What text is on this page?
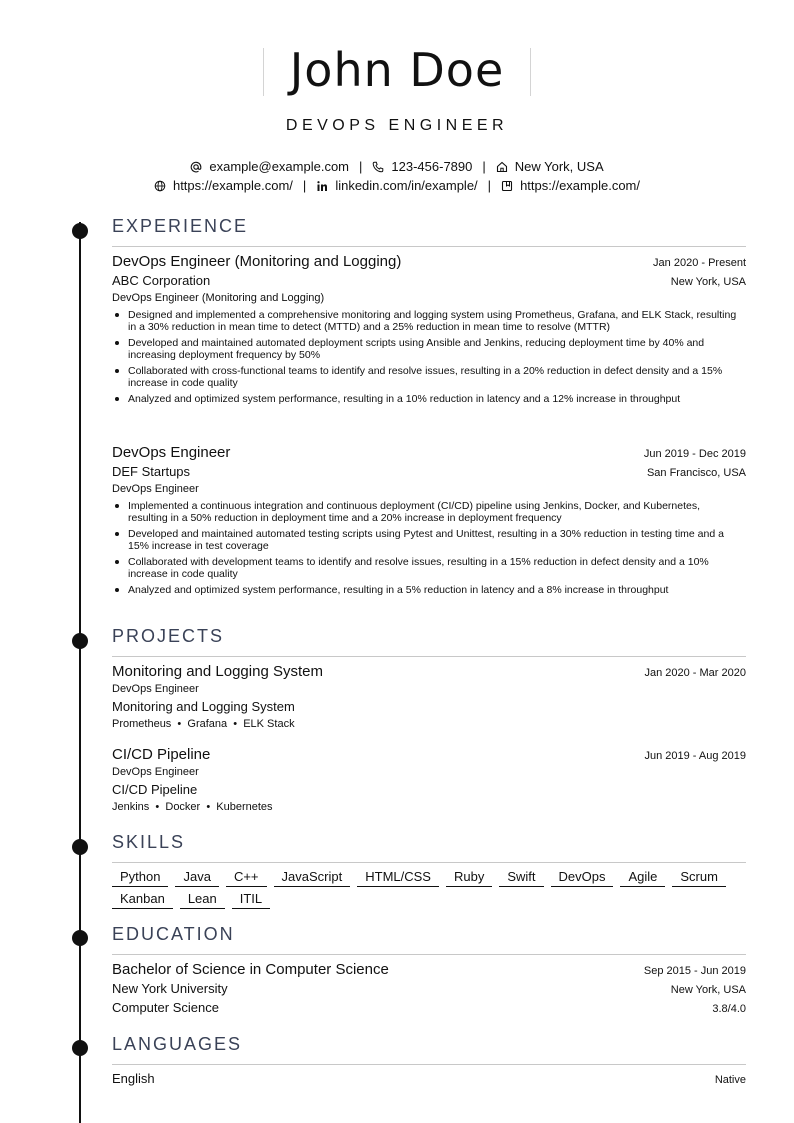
John Doe
DEVOPS ENGINEER
example@example.com | 123-456-7890 | New York, USA
https://example.com/ | linkedin.com/in/example/ | https://example.com/
EXPERIENCE
DevOps Engineer (Monitoring and Logging)	Jan 2020 - Present
ABC Corporation	New York, USA
DevOps Engineer (Monitoring and Logging)
Designed and implemented a comprehensive monitoring and logging system using Prometheus, Grafana, and ELK Stack, resulting in a 30% reduction in mean time to detect (MTTD) and a 25% reduction in mean time to resolve (MTTR)
Developed and maintained automated deployment scripts using Ansible and Jenkins, reducing deployment time by 40% and increasing deployment frequency by 50%
Collaborated with cross-functional teams to identify and resolve issues, resulting in a 20% reduction in defect density and a 15% increase in code quality
Analyzed and optimized system performance, resulting in a 10% reduction in latency and a 12% increase in throughput
DevOps Engineer	Jun 2019 - Dec 2019
DEF Startups	San Francisco, USA
DevOps Engineer
Implemented a continuous integration and continuous deployment (CI/CD) pipeline using Jenkins, Docker, and Kubernetes, resulting in a 50% reduction in deployment time and a 20% increase in deployment frequency
Developed and maintained automated testing scripts using Pytest and Unittest, resulting in a 30% reduction in testing time and a 15% increase in test coverage
Collaborated with development teams to identify and resolve issues, resulting in a 15% reduction in defect density and a 10% increase in code quality
Analyzed and optimized system performance, resulting in a 5% reduction in latency and a 8% increase in throughput
PROJECTS
Monitoring and Logging System	Jan 2020 - Mar 2020
DevOps Engineer
Monitoring and Logging System
Prometheus  •  Grafana  •  ELK Stack
CI/CD Pipeline	Jun 2019 - Aug 2019
DevOps Engineer
CI/CD Pipeline
Jenkins  •  Docker  •  Kubernetes
SKILLS
Python	Java	C++	JavaScript	HTML/CSS	Ruby	Swift	DevOps	Agile	Scrum
Kanban	Lean	ITIL
EDUCATION
Bachelor of Science in Computer Science	Sep 2015 - Jun 2019
New York University	New York, USA
Computer Science	3.8/4.0
LANGUAGES
English	Native
